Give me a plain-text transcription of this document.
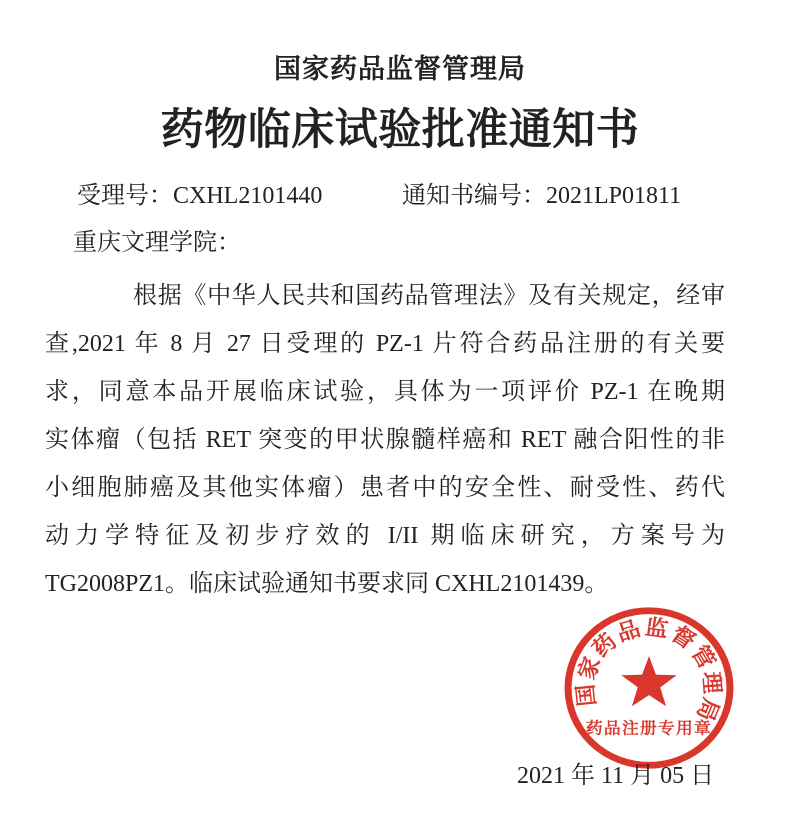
国家药品监督管理局
药物临床试验批准通知书
受理号：CXHL2101440	通知书编号：2021LP01811
重庆文理学院：
根据《中华人民共和国药品管理法》及有关规定，经审
查,2021 年 8 月 27 日受理的 PZ-1 片符合药品注册的有关要
求，同意本品开展临床试验，具体为一项评价 PZ-1 在晚期
实体瘤（包括 RET 突变的甲状腺髓样癌和 RET 融合阳性的非
小细胞肺癌及其他实体瘤）患者中的安全性、耐受性、药代
动力学特征及初步疗效的 I/II 期临床研究，方案号为
TG2008PZ1。临床试验通知书要求同 CXHL2101439。
国家药品监督管理局
药品注册专用章
2021 年 11 月 05 日
